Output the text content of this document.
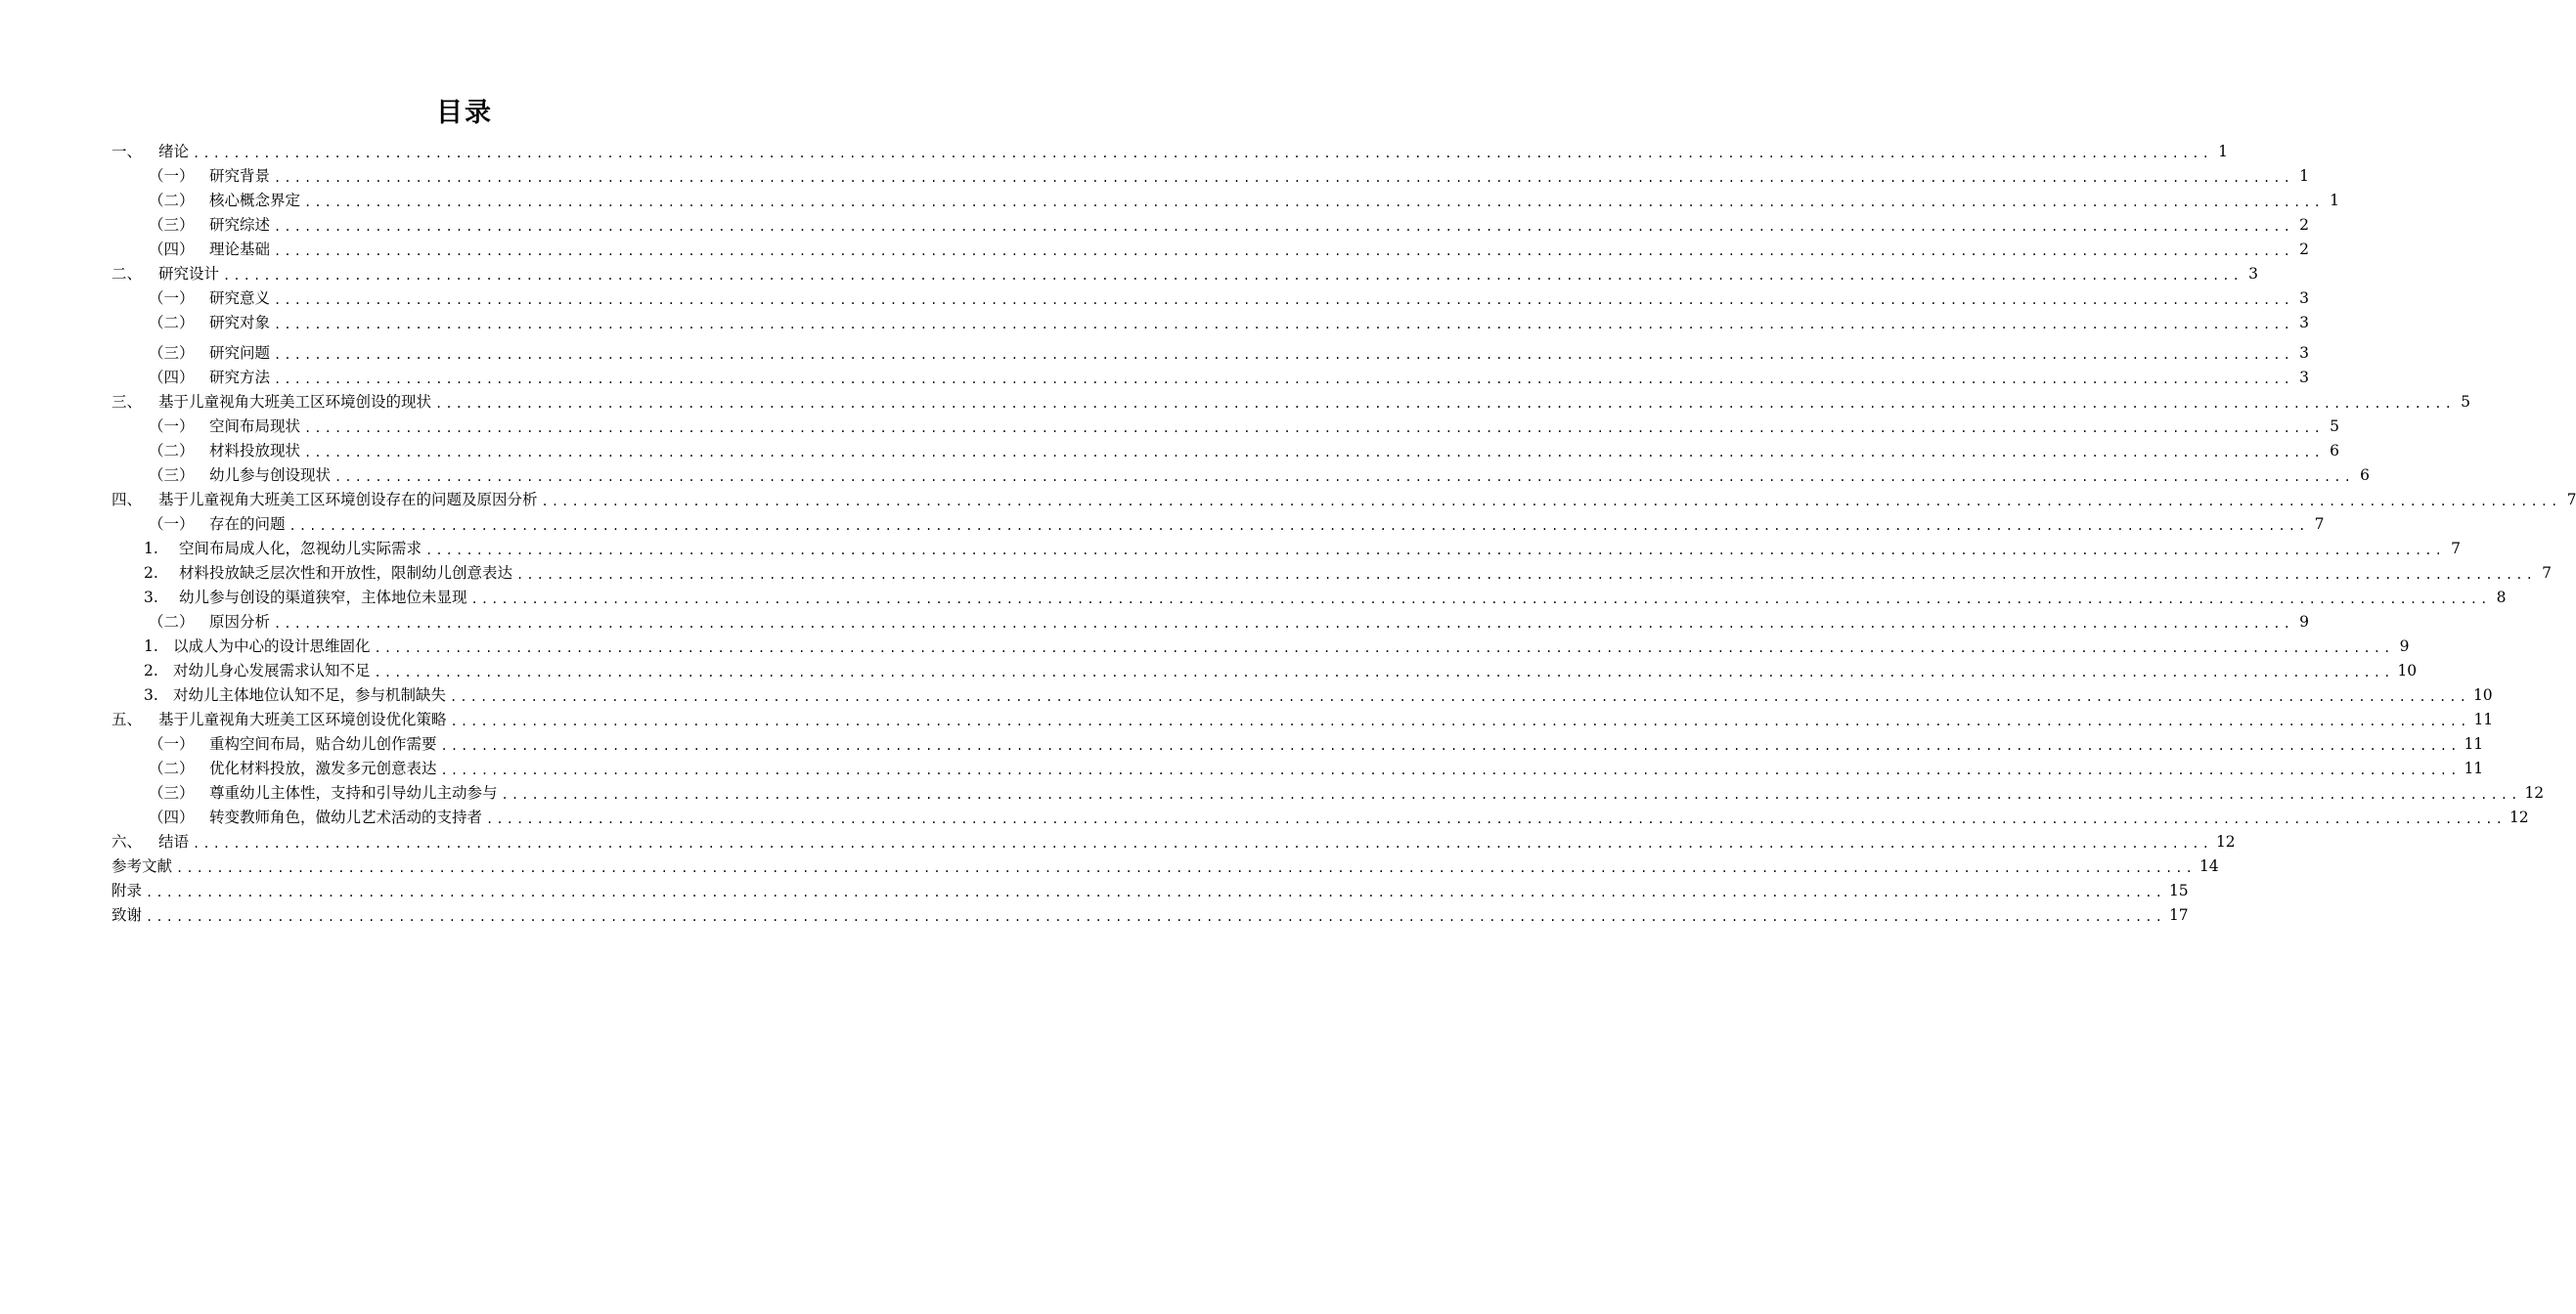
目录
一、	绪论 ........................................................................................................................................................................................................ 1
（一） 研究背景 ........................................................................................................................................................................................................ 1
（二） 核心概念界定 ........................................................................................................................................................................................................ 1
（三） 研究综述 ........................................................................................................................................................................................................ 2
（四） 理论基础 ........................................................................................................................................................................................................ 2
二、	研究设计 ........................................................................................................................................................................................................ 3
（一） 研究意义 ........................................................................................................................................................................................................ 3
（二） 研究对象 ........................................................................................................................................................................................................ 3
（三） 研究问题 ........................................................................................................................................................................................................ 3
（四） 研究方法 ........................................................................................................................................................................................................ 3
三、	基于儿童视角大班美工区环境创设的现状 ........................................................................................................................................................................................................ 5
（一） 空间布局现状 ........................................................................................................................................................................................................ 5
（二） 材料投放现状 ........................................................................................................................................................................................................ 6
（三） 幼儿参与创设现状 ........................................................................................................................................................................................................ 6
四、	基于儿童视角大班美工区环境创设存在的问题及原因分析 ........................................................................................................................................................................................................ 7
（一） 存在的问题 ........................................................................................................................................................................................................ 7
1.	空间布局成人化，忽视幼儿实际需求 ........................................................................................................................................................................................................ 7
2.	材料投放缺乏层次性和开放性，限制幼儿创意表达 ........................................................................................................................................................................................................ 7
3.	幼儿参与创设的渠道狭窄，主体地位未显现 ........................................................................................................................................................................................................ 8
（二） 原因分析 ........................................................................................................................................................................................................ 9
1. 以成人为中心的设计思维固化 ........................................................................................................................................................................................................ 9
2. 对幼儿身心发展需求认知不足 ........................................................................................................................................................................................................ 10
3. 对幼儿主体地位认知不足，参与机制缺失 ........................................................................................................................................................................................................ 10
五、	基于儿童视角大班美工区环境创设优化策略 ........................................................................................................................................................................................................ 11
（一） 重构空间布局，贴合幼儿创作需要 ........................................................................................................................................................................................................ 11
（二） 优化材料投放，激发多元创意表达 ........................................................................................................................................................................................................ 11
（三） 尊重幼儿主体性，支持和引导幼儿主动参与 ........................................................................................................................................................................................................ 12
（四） 转变教师角色，做幼儿艺术活动的支持者 ........................................................................................................................................................................................................ 12
六、	结语 ........................................................................................................................................................................................................ 12
参考文献 ........................................................................................................................................................................................................ 14
附录 ........................................................................................................................................................................................................ 15
致谢 ........................................................................................................................................................................................................ 17
